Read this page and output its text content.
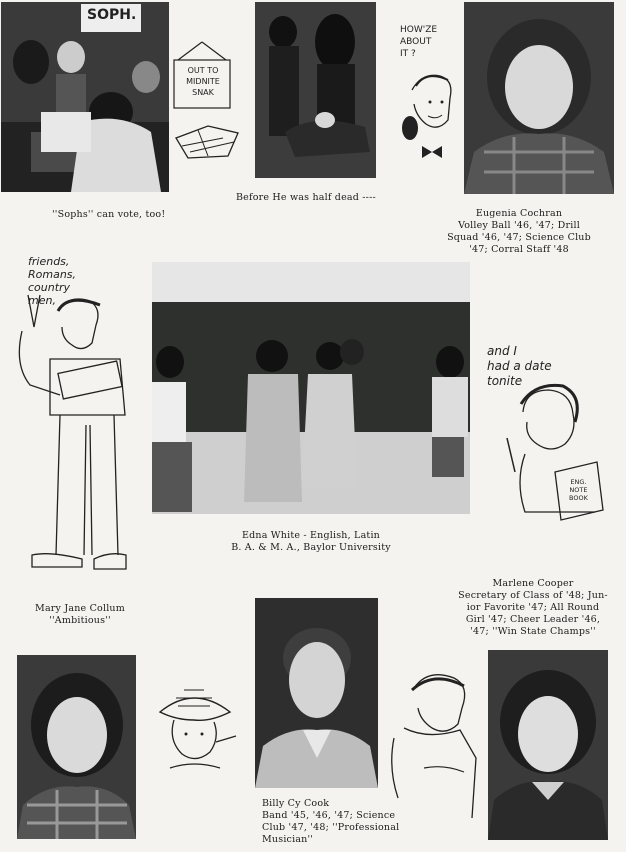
SOPH.
''Sophs'' can vote, too!
OUT TO
MIDNITE
SNAK
Before He was half dead ----
HOW'ZE
ABOUT
IT ?
Eugenia Cochran
Volley Ball '46, '47; Drill
Squad '46, '47; Science Club
'47; Corral Staff '48
friends,
Romans,
country
men,
Mary Jane Collum
''Ambitious''
Edna White - English, Latin
B. A. & M. A., Baylor University
and I
had a date
tonite
ENG.
NOTE
BOOK
Marlene Cooper
Secretary of Class of '48; Jun-
ior Favorite '47; All Round
Girl '47; Cheer Leader '46,
'47; ''Win State Champs''
Billy Cy Cook
Band '45, '46, '47; Science
Club '47, '48; ''Professional
Musician''
